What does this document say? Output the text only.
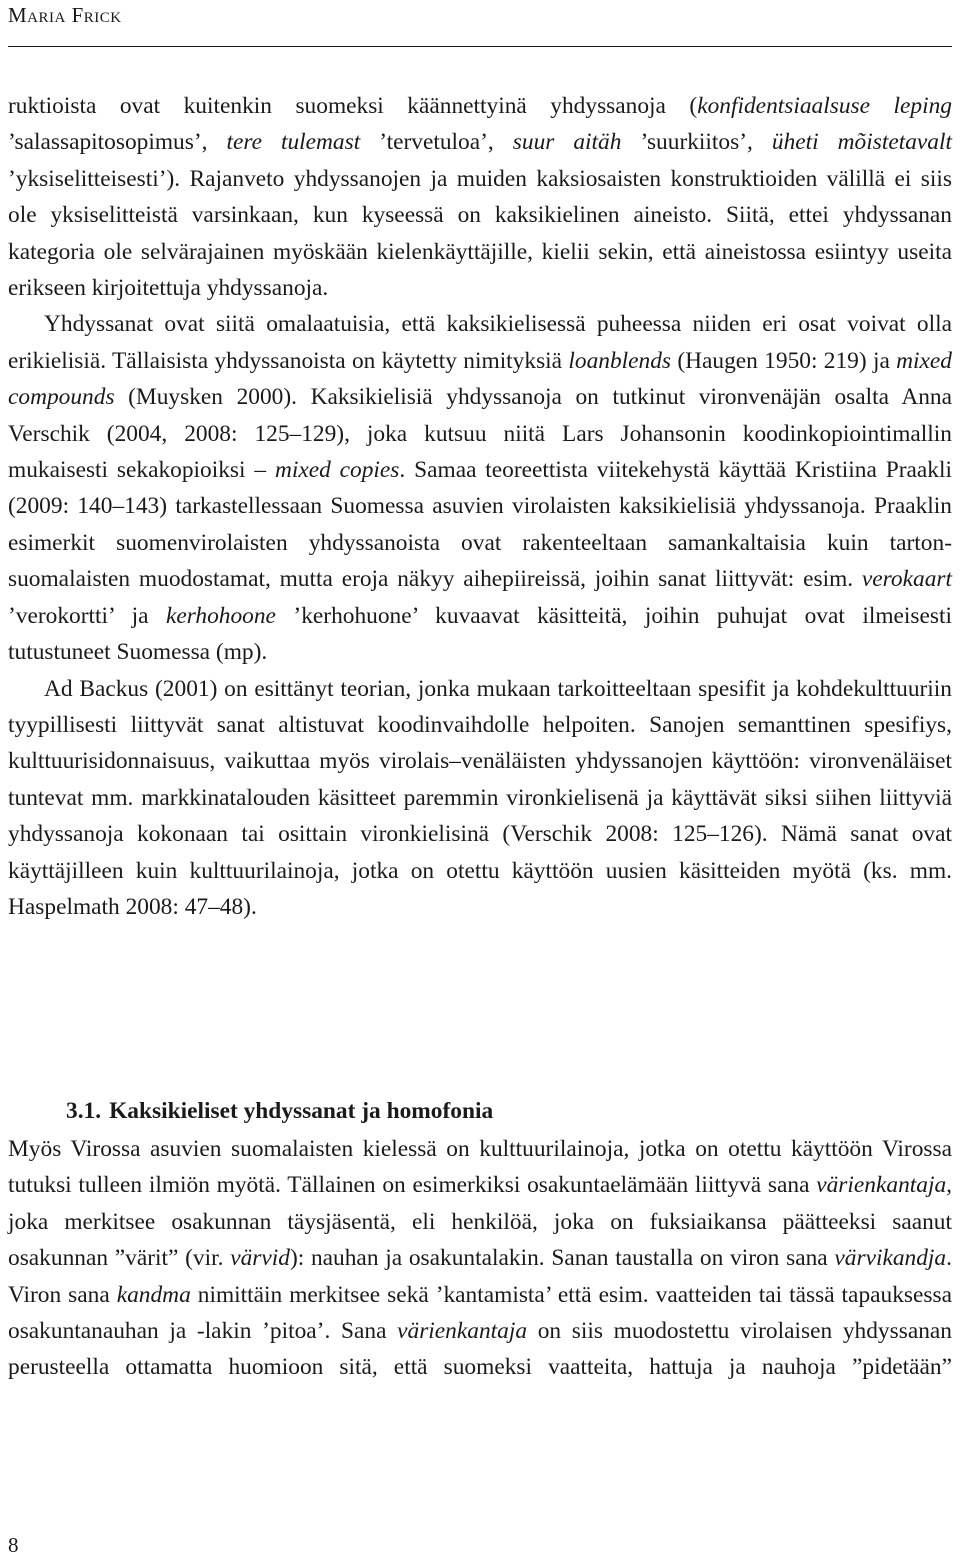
Maria Frick

ruktioista ovat kuitenkin suomeksi käännettyinä yhdyssanoja (konfidentsiaalsuse leping ’salassapitosopimus’, tere tulemast ’tervetuloa’, suur aitäh ’suurkiitos’, üheti mõistetavalt ’yksiselitteisesti’). Rajanveto yhdyssanojen ja muiden kaksiosaisten konstruktioiden välillä ei siis ole yksiselitteistä varsinkaan, kun kyseessä on kaksikielinen aineisto. Siitä, ettei yhdyssanan kategoria ole selvärajainen myöskään kielenkäyttäjille, kielii sekin, että aineistossa esiintyy useita erikseen kirjoitettuja yhdyssanoja.

Yhdyssanat ovat siitä omalaatuisia, että kaksikielisessä puheessa niiden eri osat voivat olla erikielisiä. Tällaisista yhdyssanoista on käytetty nimityksiä loanblends (Haugen 1950: 219) ja mixed compounds (Muysken 2000). Kaksikielisiä yhdyssanoja on tutkinut vironvenäjän osalta Anna Verschik (2004, 2008: 125–129), joka kutsuu niitä Lars Johansonin koodinkopiointimallin mukaisesti sekakopioiksi – mixed copies. Samaa teoreettista viitekehystä käyttää Kristiina Praakli (2009: 140–143) tarkastellessaan Suomessa asuvien virolaisten kaksikielisiä yhdyssanoja. Praaklin esimerkit suomenvirolaisten yhdyssanoista ovat rakenteeltaan samankaltaisia kuin tartonsuomalaisten muodostamat, mutta eroja näkyy aihepiireissä, joihin sanat liittyvät: esim. verokaart ’verokortti’ ja kerhohoone ’kerhohuone’ kuvaavat käsitteitä, joihin puhujat ovat ilmeisesti tutustuneet Suomessa (mp).

Ad Backus (2001) on esittänyt teorian, jonka mukaan tarkoitteeltaan spesifit ja kohdekulttuuriin tyypillisesti liittyvät sanat altistuvat koodinvaihdolle helpoiten. Sanojen semanttinen spesifiys, kulttuurisidonnaisuus, vaikuttaa myös virolais–venäläisten yhdyssanojen käyttöön: vironvenäläiset tuntevat mm. markkinatalouden käsitteet paremmin vironkielisenä ja käyttävät siksi siihen liittyviä yhdyssanoja kokonaan tai osittain vironkielisinä (Verschik 2008: 125–126). Nämä sanat ovat käyttäjilleen kuin kulttuurilainoja, jotka on otettu käyttöön uusien käsitteiden myötä (ks. mm. Haspelmath 2008: 47–48).

3.1. Kaksikieliset yhdyssanat ja homofonia

Myös Virossa asuvien suomalaisten kielessä on kulttuurilainoja, jotka on otettu käyttöön Virossa tutuksi tulleen ilmiön myötä. Tällainen on esimerkiksi osakuntaelämään liittyvä sana värienkantaja, joka merkitsee osakunnan täysjäsentä, eli henkilöä, joka on fuksiaikansa päätteeksi saanut osakunnan ”värit” (vir. värvid): nauhan ja osakuntalakin. Sanan taustalla on viron sana värvikandja. Viron sana kandma nimittäin merkitsee sekä ’kantamista’ että esim. vaatteiden tai tässä tapauksessa osakuntanauhan ja -lakin ’pitoa’. Sana värienkantaja on siis muodostettu virolaisen yhdyssanan perusteella ottamatta huomioon sitä, että suomeksi vaatteita, hattuja ja nauhoja ”pidetään”

8
